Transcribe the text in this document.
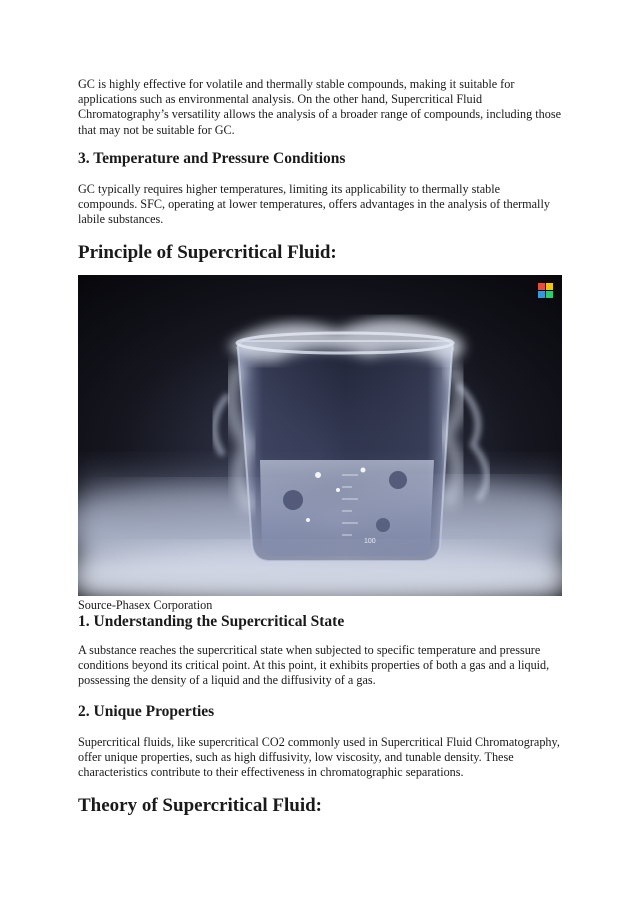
GC is highly effective for volatile and thermally stable compounds, making it suitable for applications such as environmental analysis. On the other hand, Supercritical Fluid Chromatography’s versatility allows the analysis of a broader range of compounds, including those that may not be suitable for GC.

3. Temperature and Pressure Conditions

GC typically requires higher temperatures, limiting its applicability to thermally stable compounds. SFC, operating at lower temperatures, offers advantages in the analysis of thermally labile substances.

Principle of Supercritical Fluid:
100
Source-Phasex Corporation
1. Understanding the Supercritical State

A substance reaches the supercritical state when subjected to specific temperature and pressure conditions beyond its critical point. At this point, it exhibits properties of both a gas and a liquid, possessing the density of a liquid and the diffusivity of a gas.

2. Unique Properties

Supercritical fluids, like supercritical CO2 commonly used in Supercritical Fluid Chromatography, offer unique properties, such as high diffusivity, low viscosity, and tunable density. These characteristics contribute to their effectiveness in chromatographic separations.

Theory of Supercritical Fluid:
